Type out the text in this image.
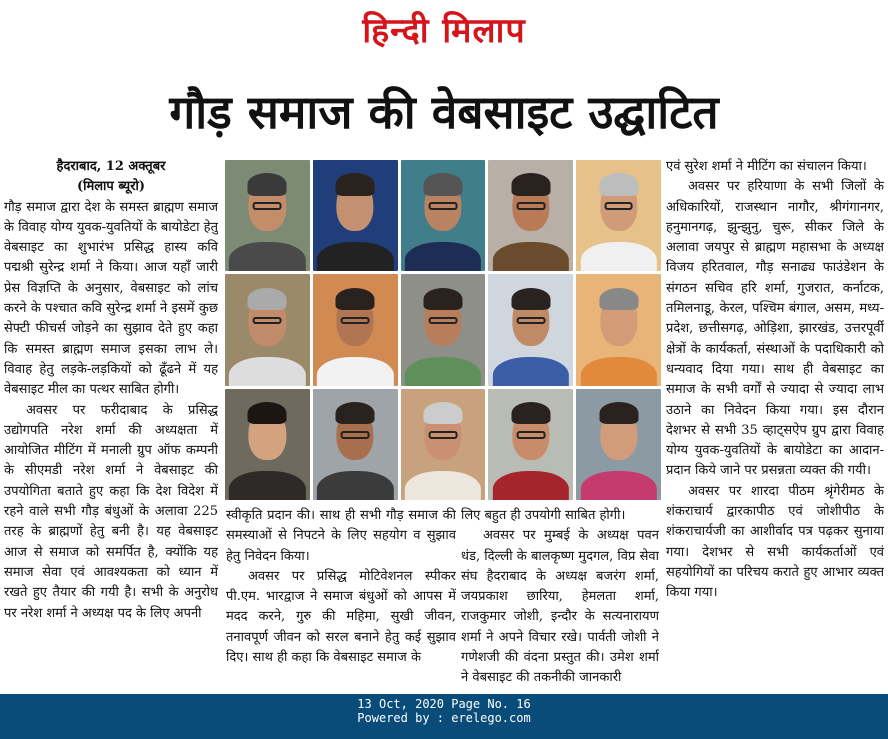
हिन्दी मिलाप
गौड़ समाज की वेबसाइट उद्घाटित

हैदराबाद, 12 अक्तूबर

(मिलाप ब्यूरो)

गौड़ समाज द्वारा देश के समस्त ब्राह्मण समाज के विवाह योग्य युवक-युवतियों के बायोडेटा हेतु वेबसाइट का शुभारंभ प्रसिद्ध हास्य कवि पद्मश्री सुरेन्द्र शर्मा ने किया। आज यहाँ जारी प्रेस विज्ञप्ति के अनुसार, वेबसाइट को लांच करने के पश्चात कवि सुरेन्द्र शर्मा ने इसमें कुछ सेफ्टी फीचर्स जोड़ने का सुझाव देते हुए कहा कि समस्त ब्राह्मण समाज इसका लाभ ले। विवाह हेतु लड़के-लड़कियों को ढूँढने में यह वेबसाइट मील का पत्थर साबित होगी।

अवसर पर फरीदाबाद के प्रसिद्ध उद्योगपति नरेश शर्मा की अध्यक्षता में आयोजित मीटिंग में मनाली ग्रुप ऑफ कम्पनी के सीएमडी नरेश शर्मा ने वेबसाइट की उपयोगिता बताते हुए कहा कि देश विदेश में रहने वाले सभी गौड़ बंधुओं के अलावा 225 तरह के ब्राह्मणों हेतु बनी है। यह वेबसाइट आज से समाज को समर्पित है, क्योंकि यह समाज सेवा एवं आवश्यकता को ध्यान में रखते हुए तैयार की गयी है। सभी के अनुरोध पर नरेश शर्मा ने अध्यक्ष पद के लिए अपनी

स्वीकृति प्रदान की। साथ ही सभी गौड़ समाज की समस्याओं से निपटने के लिए सहयोग व सुझाव हेतु निवेदन किया।

अवसर पर प्रसिद्ध मोटिवेशनल स्पीकर पी.एम. भारद्वाज ने समाज बंधुओं को आपस में मदद करने, गुरु की महिमा, सुखी जीवन, तनावपूर्ण जीवन को सरल बनाने हेतु कई सुझाव दिए। साथ ही कहा कि वेबसाइट समाज के

लिए बहुत ही उपयोगी साबित होगी।

अवसर पर मुम्बई के अध्यक्ष पवन धंड, दिल्ली के बालकृष्ण मुदगल, विप्र सेवा संघ हैदराबाद के अध्यक्ष बजरंग शर्मा, जयप्रकाश छारिया, हेमलता शर्मा, राजकुमार जोशी, इन्दौर के सत्यनारायण शर्मा ने अपने विचार रखे। पार्वती जोशी ने गणेशजी की वंदना प्रस्तुत की। उमेश शर्मा ने वेबसाइट की तकनीकी जानकारी

एवं सुरेश शर्मा ने मीटिंग का संचालन किया।

अवसर पर हरियाणा के सभी जिलों के अधिकारियों, राजस्थान नागौर, श्रीगंगानगर, हनुमानगढ़, झुन्झुनु, चुरू, सीकर जिले के अलावा जयपुर से ब्राह्मण महासभा के अध्यक्ष विजय हरितवाल, गौड़ सनाढ्य फाउंडेशन के संगठन सचिव हरि शर्मा, गुजरात, कर्नाटक, तमिलनाडू, केरल, पश्चिम बंगाल, असम, मध्य-प्रदेश, छत्तीसगढ़, ओड़िशा, झारखंड, उत्तरपूर्वी क्षेत्रों के कार्यकर्ता, संस्थाओं के पदाधिकारी को धन्यवाद दिया गया। साथ ही वेबसाइट का समाज के सभी वर्गों से ज्यादा से ज्यादा लाभ उठाने का निवेदन किया गया। इस दौरान देशभर से सभी 35 व्हाट्सऐप ग्रुप द्वारा विवाह योग्य युवक-युवतियों के बायोडेटा का आदान-प्रदान किये जाने पर प्रसन्नता व्यक्त की गयी।

अवसर पर शारदा पीठम श्रृंगेरीमठ के शंकराचार्य द्वारकापीठ एवं जोशीपीठ के शंकराचार्यजी का आशीर्वाद पत्र पढ़कर सुनाया गया। देशभर से सभी कार्यकर्ताओं एवं सहयोगियों का परिचय कराते हुए आभार व्यक्त किया गया।

13 Oct, 2020 Page No. 16
Powered by : erelego.com
